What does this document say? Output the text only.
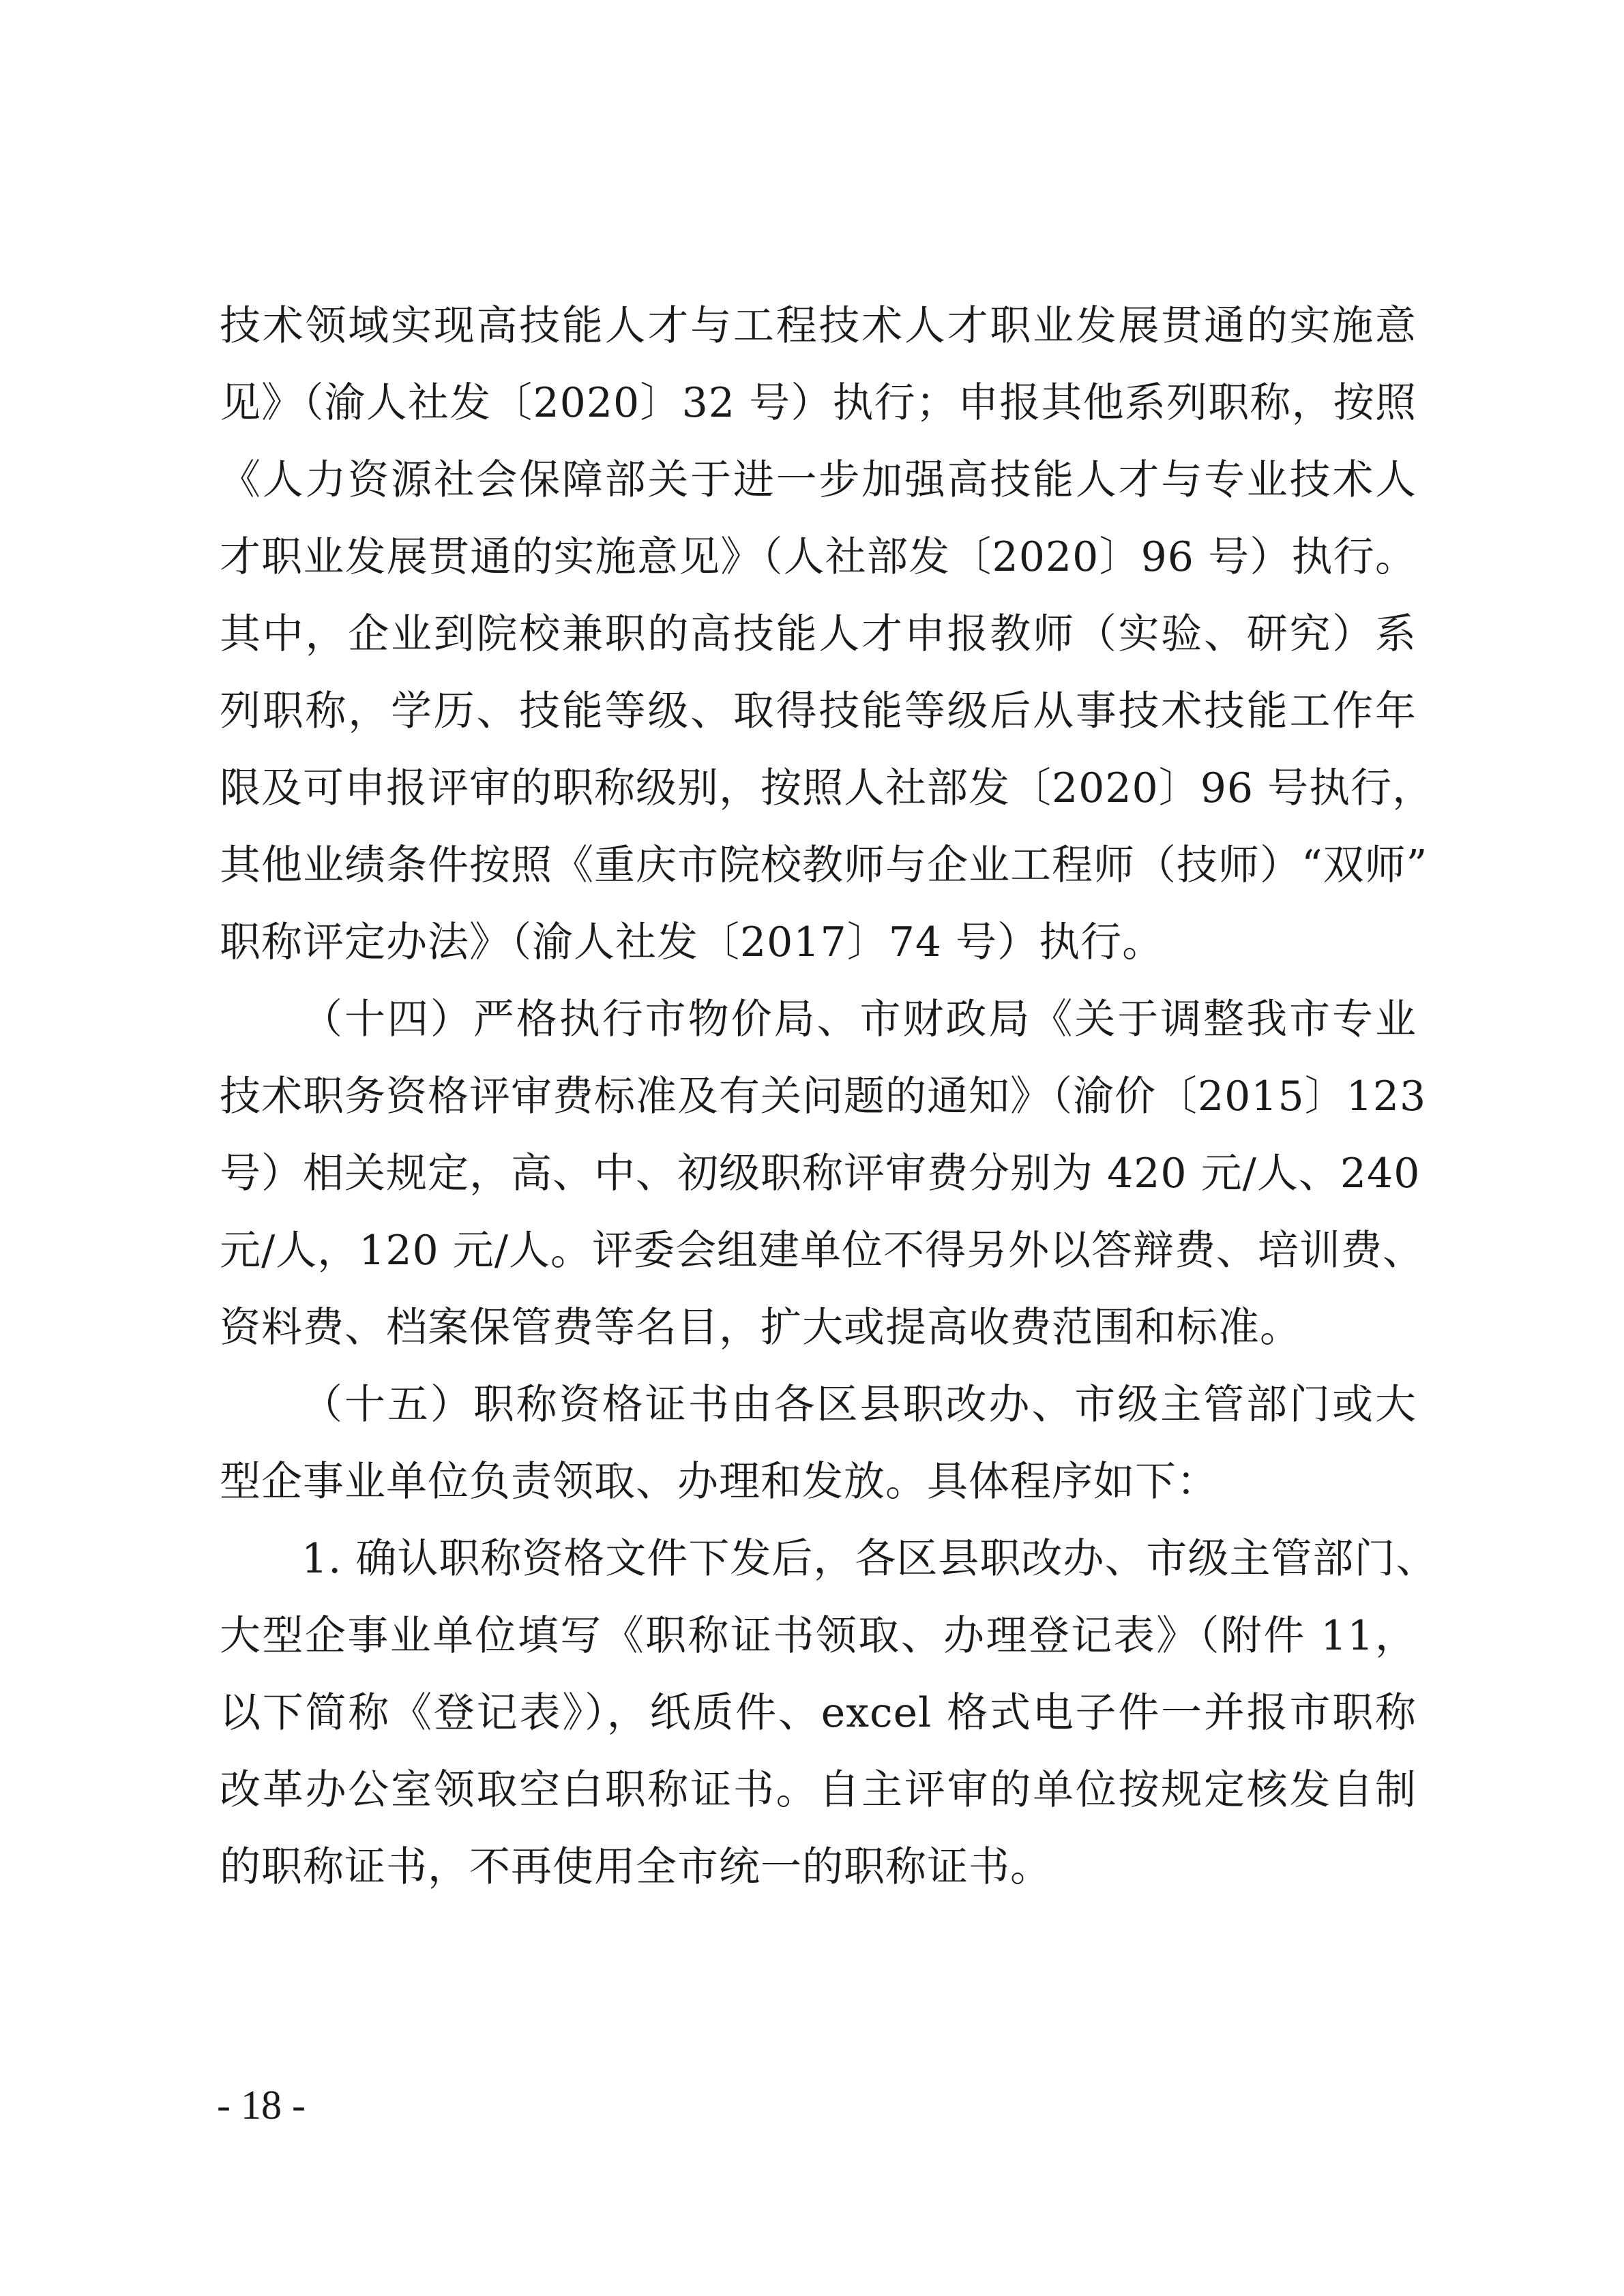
技术领域实现高技能人才与工程技术人才职业发展贯通的实施意
见》（渝人社发〔2020〕32 号）执行；申报其他系列职称，按照
《人力资源社会保障部关于进一步加强高技能人才与专业技术人
才职业发展贯通的实施意见》（人社部发〔2020〕96 号）执行。
其中，企业到院校兼职的高技能人才申报教师（实验、研究）系
列职称，学历、技能等级、取得技能等级后从事技术技能工作年
限及可申报评审的职称级别，按照人社部发〔2020〕96 号执行，
其他业绩条件按照《重庆市院校教师与企业工程师（技师）“双师”
职称评定办法》（渝人社发〔2017〕74 号）执行。
（十四）严格执行市物价局、市财政局《关于调整我市专业
技术职务资格评审费标准及有关问题的通知》（渝价〔2015〕123
号）相关规定，高、中、初级职称评审费分别为 420 元/人、240
元/人，120 元/人。评委会组建单位不得另外以答辩费、培训费、
资料费、档案保管费等名目，扩大或提高收费范围和标准。
（十五）职称资格证书由各区县职改办、市级主管部门或大
型企事业单位负责领取、办理和发放。具体程序如下：
1. 确认职称资格文件下发后，各区县职改办、市级主管部门、
大型企事业单位填写《职称证书领取、办理登记表》（附件 11，
以下简称《登记表》），纸质件、excel 格式电子件一并报市职称
改革办公室领取空白职称证书。自主评审的单位按规定核发自制
的职称证书，不再使用全市统一的职称证书。
- 18 -
